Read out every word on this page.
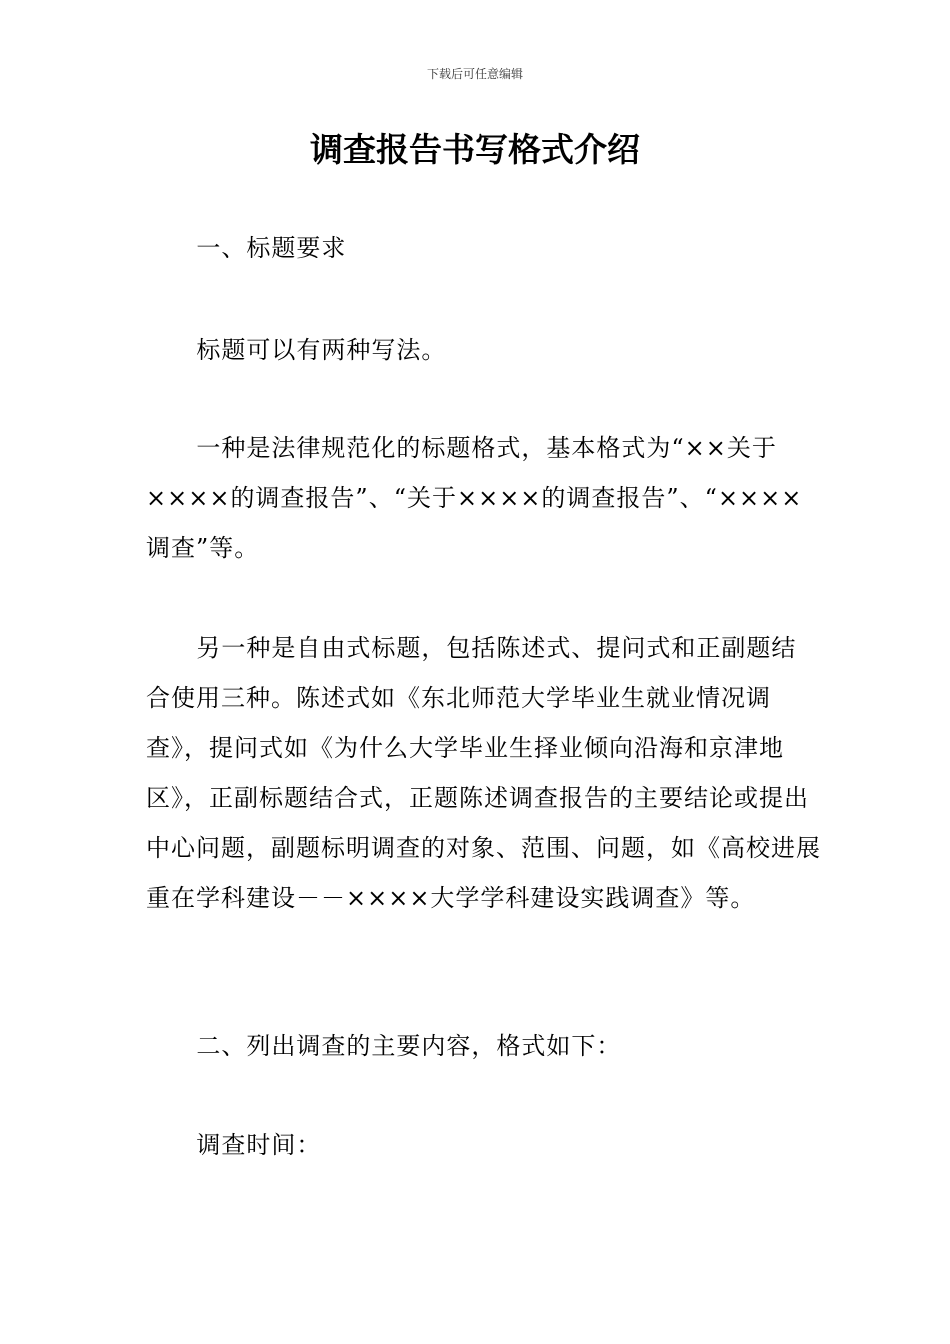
下载后可任意编辑
调查报告书写格式介绍

一、标题要求

标题可以有两种写法。

一种是法律规范化的标题格式，基本格式为“××关于××××的调查报告”、“关于××××的调查报告”、“××××调查”等。

另一种是自由式标题，包括陈述式、提问式和正副题结合使用三种。陈述式如《东北师范大学毕业生就业情况调查》，提问式如《为什么大学毕业生择业倾向沿海和京津地区》，正副标题结合式，正题陈述调查报告的主要结论或提出中心问题，副题标明调查的对象、范围、问题，如《高校进展重在学科建设－－××××大学学科建设实践调查》等。

二、列出调查的主要内容，格式如下：

调查时间：
